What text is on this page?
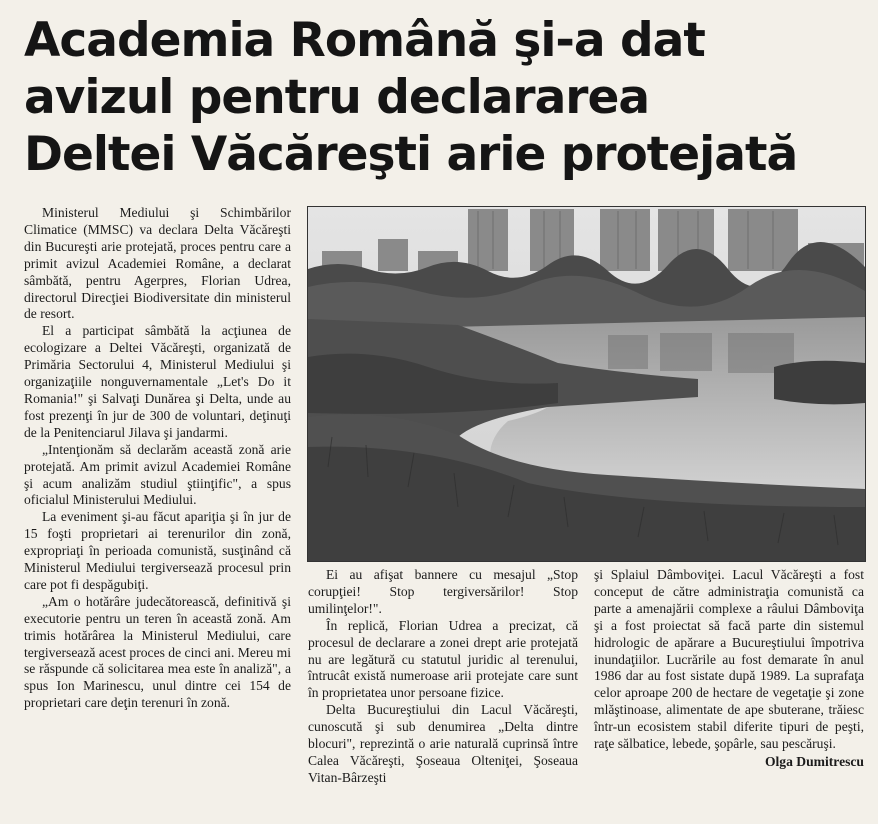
Academia Română şi-a dat
avizul pentru declararea
Deltei Văcăreşti arie protejată

Ministerul Mediului şi Schimbărilor Climatice (MMSC) va declara Delta Văcăreşti din Bucureşti arie protejată, proces pentru care a primit avizul Academiei Române, a declarat sâmbătă, pentru Agerpres, Florian Udrea, directorul Direcţiei Biodiversitate din ministerul de resort.

El a participat sâmbătă la acţiunea de ecologizare a Deltei Văcăreşti, organizată de Primăria Sectorului 4, Ministerul Mediului şi organizaţiile nonguvernamentale „Let's Do it Romania!" şi Salvaţi Dunărea şi Delta, unde au fost prezenţi în jur de 300 de voluntari, deţinuţi de la Penitenciarul Jilava şi jandarmi.

„Intenţionăm să declarăm această zonă arie protejată. Am primit avizul Academiei Române şi acum analizăm studiul ştiinţific", a spus oficialul Ministerului Mediului.

La eveniment şi-au făcut apariţia şi în jur de 15 foşti proprietari ai terenurilor din zonă, expropriaţi în perioada comunistă, susţinând că Ministerul Mediului tergiversează procesul prin care pot fi despăgubiţi.

„Am o hotărâre judecătorească, definitivă şi executorie pentru un teren în această zonă. Am trimis hotărârea la Ministerul Mediului, care tergiversează acest proces de cinci ani. Mereu mi se răspunde că solicitarea mea este în analiză", a spus Ion Marinescu, unul dintre cei 154 de proprietari care deţin terenuri în zonă.

Ei au afişat bannere cu mesajul „Stop corupţiei! Stop tergiversărilor! Stop umilinţelor!".

În replică, Florian Udrea a precizat, că procesul de declarare a zonei drept arie protejată nu are legătură cu statutul juridic al terenului, întrucât există numeroase arii protejate care sunt în proprietatea unor persoane fizice.

Delta Bucureştiului din Lacul Văcăreşti, cunoscută şi sub denumirea „Delta dintre blocuri", reprezintă o arie naturală cuprinsă între Calea Văcăreşti, Şoseaua Olteniţei, Şoseaua Vitan-Bârzeşti

şi Splaiul Dâmboviţei. Lacul Văcăreşti a fost conceput de către administraţia comunistă ca parte a amenajării complexe a râului Dâmboviţa şi a fost proiectat să facă parte din sistemul hidrologic de apărare a Bucureştiului împotriva inundaţiilor. Lucrările au fost demarate în anul 1986 dar au fost sistate după 1989. La suprafaţa celor aproape 200 de hectare de vegetaţie şi zone mlăştinoase, alimentate de ape sbuterane, trăiesc într-un ecosistem stabil diferite tipuri de peşti, raţe sălbatice, lebede, şopârle, sau pescăruşi.

Olga Dumitrescu
